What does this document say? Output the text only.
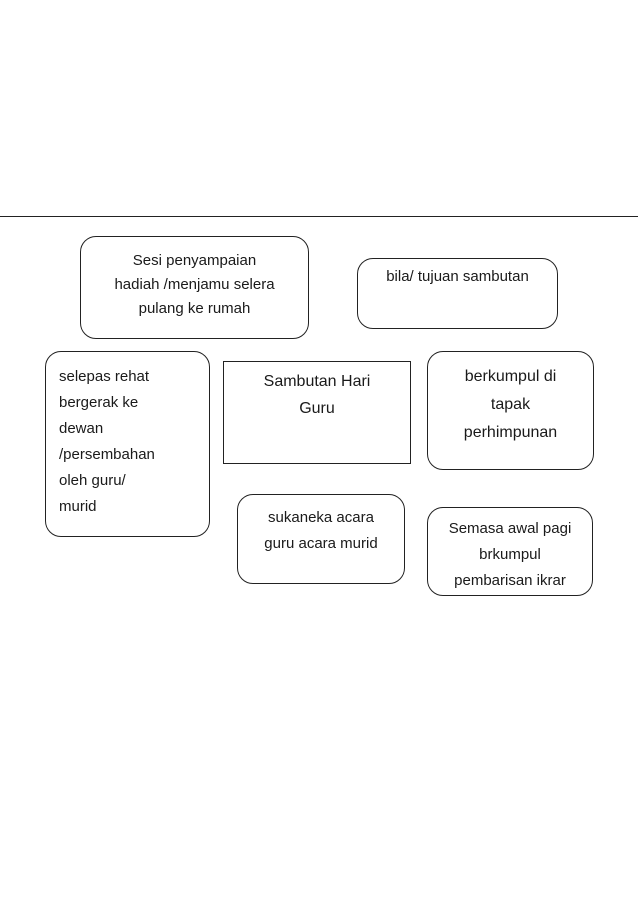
Sesi penyampaian
hadiah /menjamu selera
pulang ke rumah
bila/ tujuan sambutan
selepas rehat
bergerak ke
dewan
/persembahan
oleh guru/
murid
Sambutan Hari
Guru
berkumpul di
tapak
perhimpunan
sukaneka acara
guru acara murid
Semasa awal pagi
brkumpul
pembarisan ikrar
